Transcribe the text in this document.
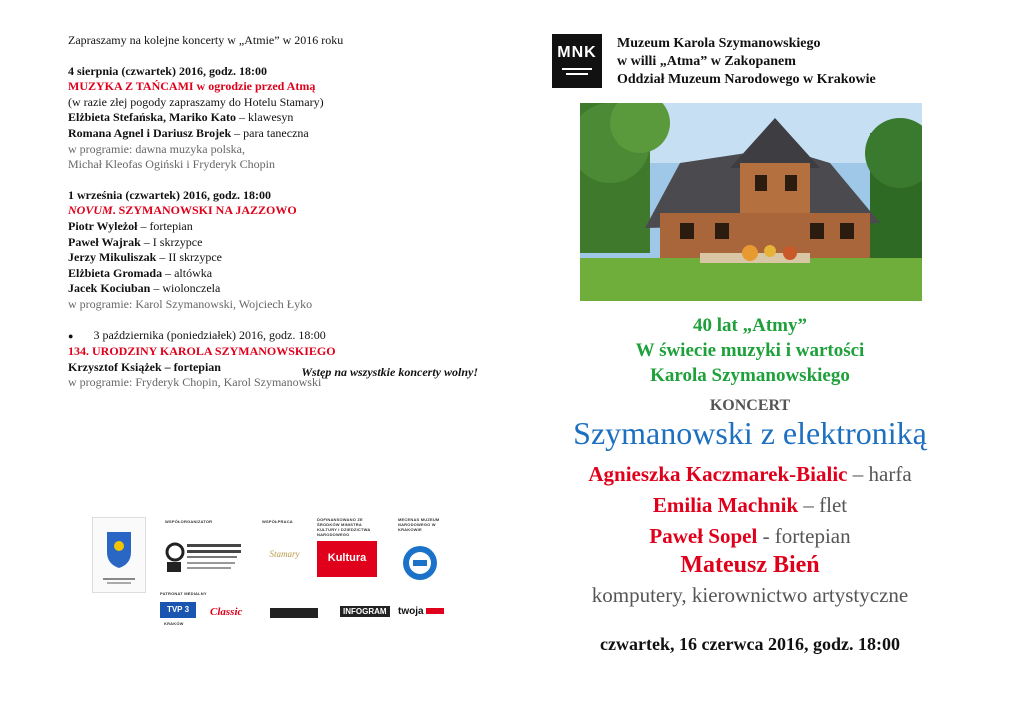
Zapraszamy na kolejne koncerty w „Atmie” w 2016 roku

4 sierpnia (czwartek) 2016, godz. 18:00

MUZYKA Z TAŃCAMI w ogrodzie przed Atmą

(w razie złej pogody zapraszamy do Hotelu Stamary)

Elżbieta Stefańska, Mariko Kato – klawesyn

Romana Agnel i Dariusz Brojek – para taneczna

w programie: dawna muzyka polska,

Michał Kleofas Ogiński i Fryderyk Chopin

1 września (czwartek) 2016, godz. 18:00

NOVUM. SZYMANOWSKI NA JAZZOWO

Piotr Wyleżoł – fortepian

Paweł Wajrak – I skrzypce

Jerzy Mikuliszak – II skrzypce

Elżbieta Gromada – altówka

Jacek Kociuban – wiolonczela

w programie: Karol Szymanowski, Wojciech Łyko

● 3 października (poniedziałek) 2016, godz. 18:00

134. URODZINY KAROLA SZYMANOWSKIEGO

Krzysztof Książek – fortepian

w programie: Fryderyk Chopin, Karol Szymanowski

Wstęp na wszystkie koncerty wolny!
WSPÓŁORGANIZATOR	WSPÓŁPRACA
Stamary
DOFINANSOWANO ZE ŚRODKÓW MINISTRA KULTURY I DZIEDZICTWA NARODOWEGO
Kultura
MECENAS MUZEUM NARODOWEGO W KRAKOWIE
PATRONAT MEDIALNY
TVP 3
KRAKÓW
Classic	INFOGRAM	twoja
MNK
Muzeum Karola Szymanowskiego
w willi „Atma” w Zakopanem
Oddział Muzeum Narodowego w Krakowie
40 lat „Atmy”
W świecie muzyki i wartości
Karola Szymanowskiego
KONCERT
Szymanowski z elektroniką
Agnieszka Kaczmarek-Bialic – harfa
Emilia Machnik – flet
Paweł Sopel - fortepian
Mateusz Bień
komputery, kierownictwo artystyczne
czwartek, 16 czerwca 2016, godz. 18:00
